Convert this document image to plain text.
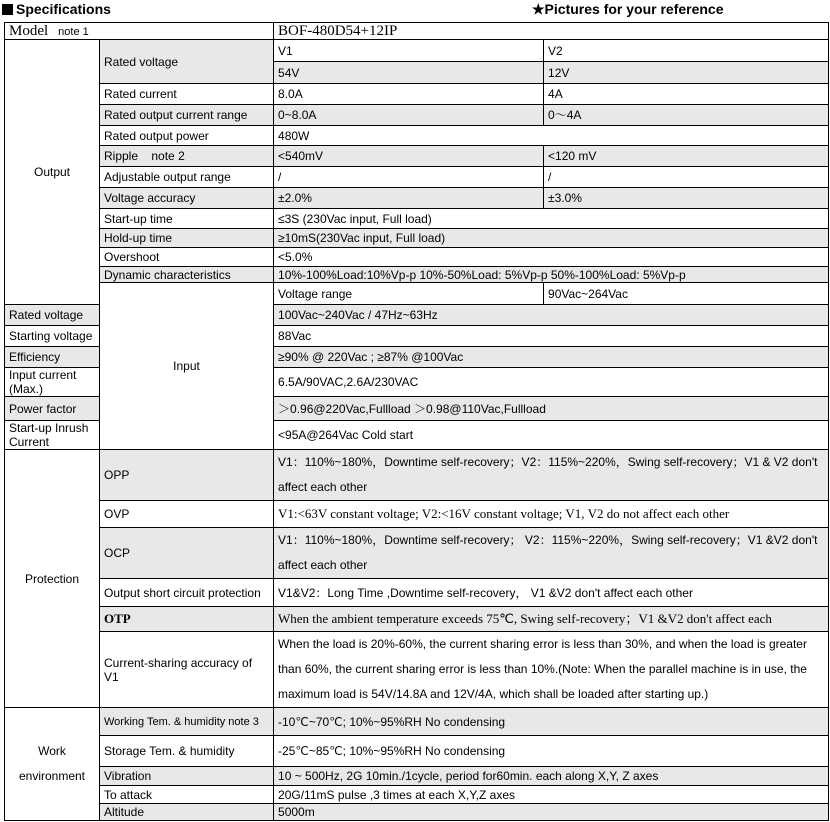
Specifications	★Pictures for your reference
Model note 1		BOF-480D54+12IP	
Output	Rated voltage	V1	V2
		54V	12V
	Rated current	8.0A	4A
	Rated output current range	0~8.0A	0～4A
	Rated output power	480W	
	Ripple note 2	<540mV	<120 mV
	Adjustable output range	/	/
	Voltage accuracy	±2.0%	±3.0%
	Start-up time	≤3S (230Vac input, Full load)	
	Hold-up time	≥10mS(230Vac input, Full load)	
	Overshoot	<5.0%	
	Dynamic characteristics	10%-100%Load:10%Vp-p 10%-50%Load: 5%Vp-p 50%-100%Load: 5%Vp-p	
	Input	Voltage range	90Vac~264Vac
Rated voltage		100Vac~240Vac / 47Hz~63Hz	
Starting voltage		88Vac	
Efficiency		≥90% @ 220Vac ; ≥87% @100Vac	
Input current (Max.)		6.5A/90VAC,2.6A/230VAC	
Power factor		＞0.96@220Vac,Fullload ＞0.98@110Vac,Fullload	
Start-up Inrush Current		<95A@264Vac Cold start	
Protection	OPP	V1：110%~180%，Downtime self-recovery；V2：115%~220%，Swing self-recovery；V1 & V2 don't affect each other	
	OVP	V1:<63V constant voltage; V2:<16V constant voltage; V1, V2 do not affect each other	
	OCP	V1：110%~180%，Downtime self-recovery； V2：115%~220%，Swing self-recovery；V1 &V2 don't affect each other	
	Output short circuit protection	V1&V2：Long Time ,Downtime self-recovery， V1 &V2 don't affect each other	
	OTP	When the ambient temperature exceeds 75℃, Swing self-recovery；V1 &V2 don't affect each	
	Current-sharing accuracy of V1	When the load is 20%-60%, the current sharing error is less than 30%, and when the load is greater than 60%, the current sharing error is less than 10%.(Note: When the parallel machine is in use, the maximum load is 54V/14.8A and 12V/4A, which shall be loaded after starting up.)	
Work
environment	Working Tem. & humidity note 3	-10℃~70℃; 10%~95%RH No condensing	
	Storage Tem. & humidity	-25℃~85℃; 10%~95%RH No condensing	
	Vibration	10 ~ 500Hz, 2G 10min./1cycle, period for60min. each along X,Y, Z axes	
	To attack	20G/11mS pulse ,3 times at each X,Y,Z axes	
	Altitude	5000m	
